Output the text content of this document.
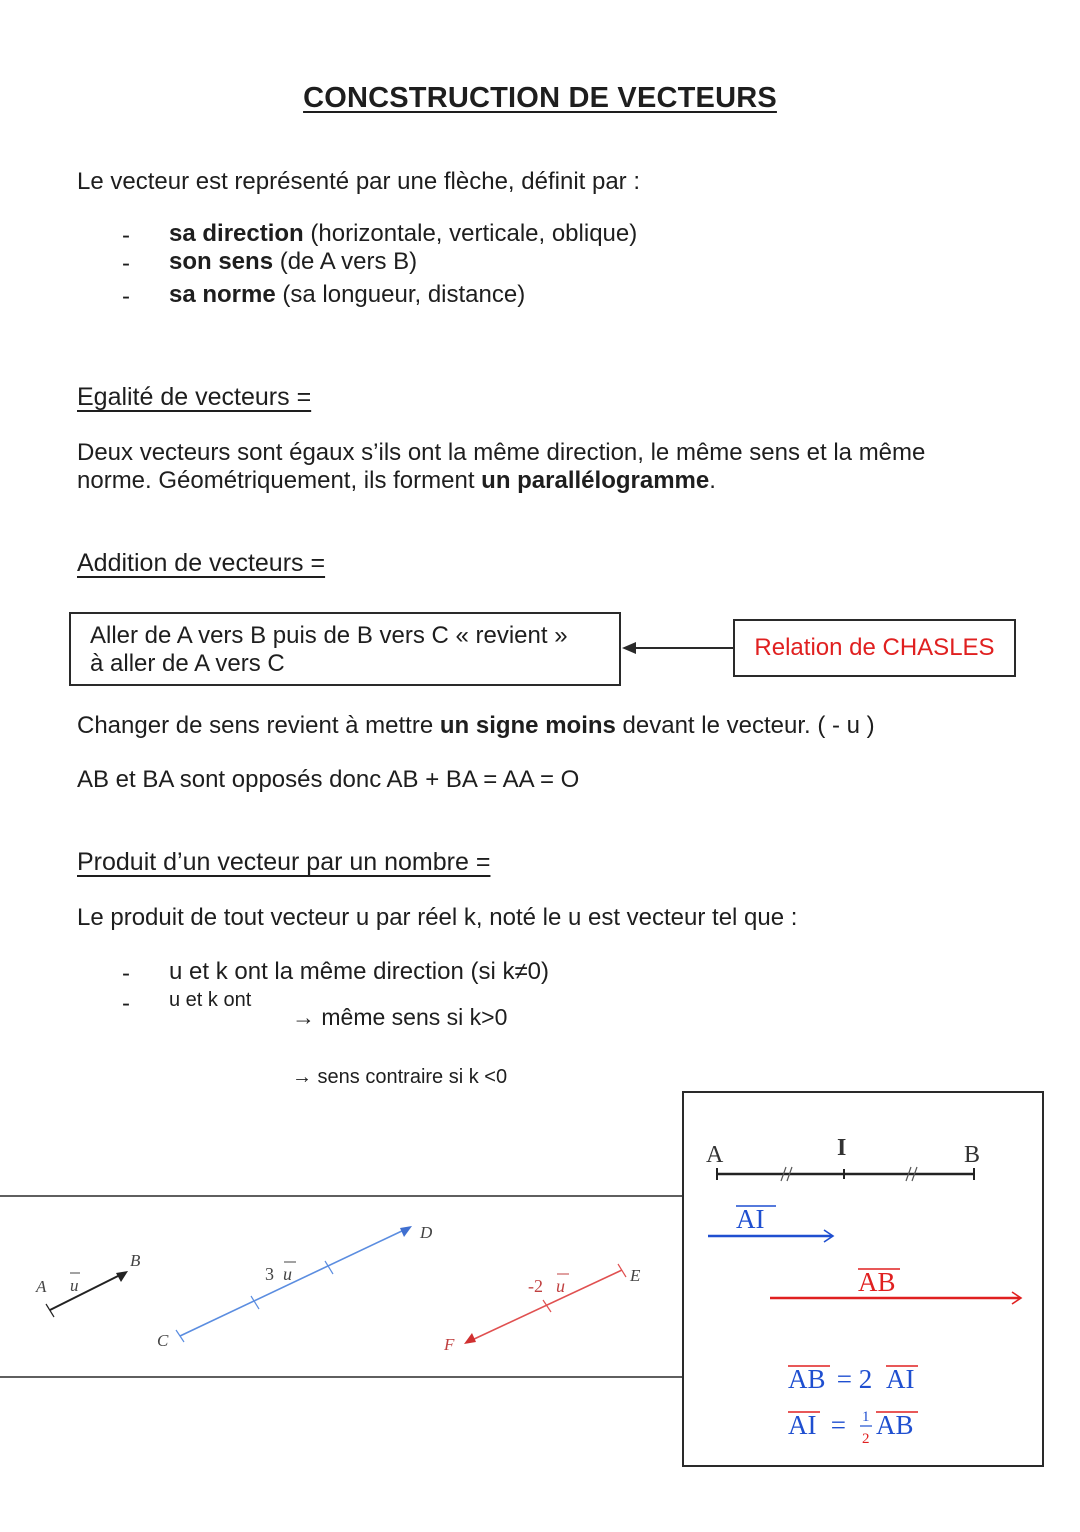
CONCSTRUCTION DE VECTEURS
Le vecteur est représenté par une flèche, définit par :
- sa direction (horizontale, verticale, oblique)
- son sens (de A vers B)
- sa norme (sa longueur, distance)
Egalité de vecteurs =
Deux vecteurs sont égaux s’ils ont la même direction, le même sens et la même
norme. Géométriquement, ils forment un parallélogramme.
Addition de vecteurs =
Aller de A vers B puis de B vers C « revient »
à aller de A vers C
Relation de CHASLES
Changer de sens revient à mettre un signe moins devant le vecteur. ( - u )
AB et BA sont opposés donc AB + BA = AA = O
Produit d’un vecteur par un nombre =
Le produit de tout vecteur u par réel k, noté le u est vecteur tel que :
- u et k ont la même direction (si k≠0)
- u et k ont
→ même sens si k>0
→ sens contraire si k <0
A u
B
C
3 u
D
-2 u
E
F
A	I	B
AI
AB
AB = 2 AI
AI = 1
2 AB
